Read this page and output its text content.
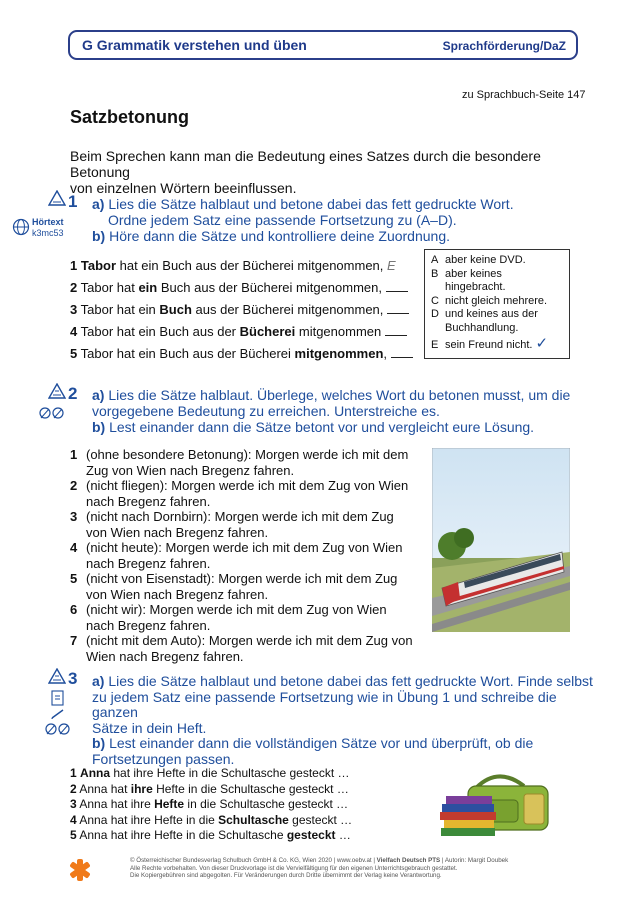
G Grammatik verstehen und üben	Sprachförderung/DaZ
zu Sprachbuch-Seite 147
Satzbetonung
Beim Sprechen kann man die Bedeutung eines Satzes durch die besondere Betonung
von einzelnen Wörtern beeinflussen.
1
Hörtext
k3mc53
a) Lies die Sätze halblaut und betone dabei das fett gedruckte Wort.
Ordne jedem Satz eine passende Fortsetzung zu (A–D).
b) Höre dann die Sätze und kontrolliere deine Zuordnung.
1 Tabor hat ein Buch aus der Bücherei mitgenommen, E
2 Tabor hat ein Buch aus der Bücherei mitgenommen,
3 Tabor hat ein Buch aus der Bücherei mitgenommen,
4 Tabor hat ein Buch aus der Bücherei mitgenommen
5 Tabor hat ein Buch aus der Bücherei mitgenommen,
A aber keine DVD.
B aber keines
hingebracht.
C nicht gleich mehrere.
D und keines aus der
Buchhandlung.
E sein Freund nicht. ✓
2 a) Lies die Sätze halblaut. Überlege, welches Wort du betonen musst, um die
vorgegebene Bedeutung zu erreichen. Unterstreiche es.
b) Lest einander dann die Sätze betont vor und vergleicht eure Lösung.
1 (ohne besondere Betonung): Morgen werde ich mit dem
Zug von Wien nach Bregenz fahren.
2 (nicht fliegen): Morgen werde ich mit dem Zug von Wien
nach Bregenz fahren.
3 (nicht nach Dornbirn): Morgen werde ich mit dem Zug
von Wien nach Bregenz fahren.
4 (nicht heute): Morgen werde ich mit dem Zug von Wien
nach Bregenz fahren.
5 (nicht von Eisenstadt): Morgen werde ich mit dem Zug
von Wien nach Bregenz fahren.
6 (nicht wir): Morgen werde ich mit dem Zug von Wien
nach Bregenz fahren.
7 (nicht mit dem Auto): Morgen werde ich mit dem Zug von
Wien nach Bregenz fahren.
3 a) Lies die Sätze halblaut und betone dabei das fett gedruckte Wort. Finde selbst
zu jedem Satz eine passende Fortsetzung wie in Übung 1 und schreibe die ganzen
Sätze in dein Heft.
b) Lest einander dann die vollständigen Sätze vor und überprüft, ob die
Fortsetzungen passen.
1 Anna hat ihre Hefte in die Schultasche gesteckt …
2 Anna hat ihre Hefte in die Schultasche gesteckt …
3 Anna hat ihre Hefte in die Schultasche gesteckt …
4 Anna hat ihre Hefte in die Schultasche gesteckt …
5 Anna hat ihre Hefte in die Schultasche gesteckt …
© Österreichischer Bundesverlag Schulbuch GmbH & Co. KG, Wien 2020 | www.oebv.at | Vielfach Deutsch PTS | Autorin: Margit Doubek
Alle Rechte vorbehalten. Von dieser Druckvorlage ist die Vervielfältigung für den eigenen Unterrichtsgebrauch gestattet.
Die Kopiergebühren sind abgegolten. Für Veränderungen durch Dritte übernimmt der Verlag keine Verantwortung.
